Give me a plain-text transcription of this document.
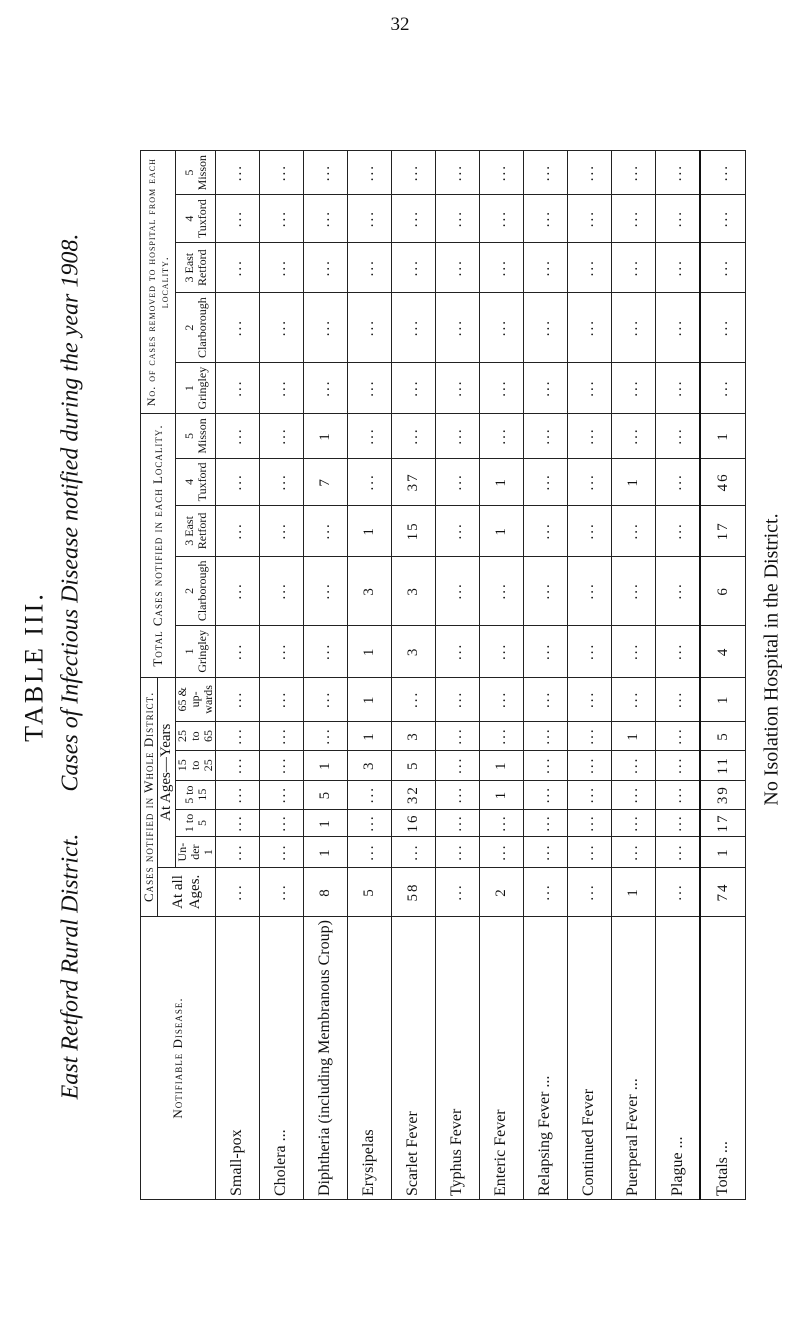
32
TABLE III.
East Retford Rural District.       Cases of Infectious Disease notified during the year 1908.	No Isolation Hospital in the District.
Notifiable Disease.	Cases notified in Whole District.							Total Cases notified in each Locality.					No. of cases removed to hospital from each locality.				
	At all Ages.	At Ages—Years															
		Un-der 1	1 to 5	5 to 15	15 to 25	25 to 65	65 & up-wards	1 Gringley	2 Clarborough	3 East Retford	4 Tuxford	5 Misson	1 Gringley	2 Clarborough	3 East Retford	4 Tuxford	5 Misson
Small-pox	...	...	...	...	...	...	...	...	...	...	...	...	...	...	...	...	...
Cholera ...	...	...	...	...	...	...	...	...	...	...	...	...	...	...	...	...	...
Diphtheria (including Membranous Croup)	8	1	1	5	1	...	...	...	...	...	7	1	...	...	...	...	...
Erysipelas	5	...	...	...	3	1	1	1	3	1	...	...	...	...	...	...	...
Scarlet Fever	58	...	16	32	5	3	...	3	3	15	37	...	...	...	...	...	...
Typhus Fever	...	...	...	...	...	...	...	...	...	...	...	...	...	...	...	...	...
Enteric Fever	2	...	...	1	1	...	...	...	...	1	1	...	...	...	...	...	...
Relapsing Fever ...	...	...	...	...	...	...	...	...	...	...	...	...	...	...	...	...	...
Continued Fever	...	...	...	...	...	...	...	...	...	...	...	...	...	...	...	...	...
Puerperal Fever ...	1	...	...	...	...	1	...	...	...	...	1	...	...	...	...	...	...
Plague ...	...	...	...	...	...	...	...	...	...	...	...	...	...	...	...	...	...
Totals ...	74	1	17	39	11	5	1	4	6	17	46	1	...	...	...	...	...
